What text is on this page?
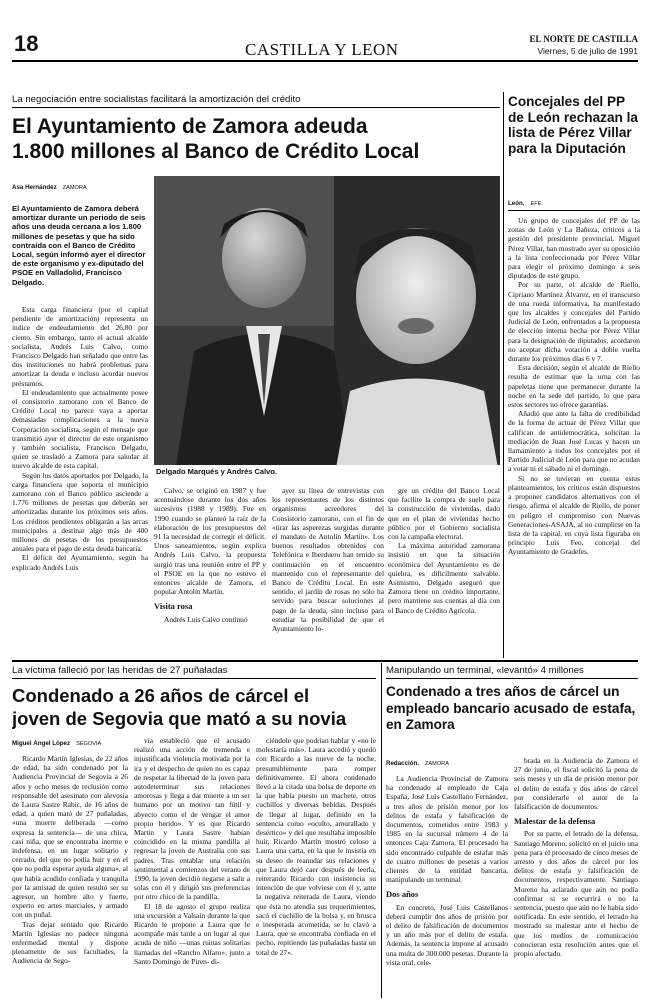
18	CASTILLA Y LEON
EL NORTE DE CASTILLA
Viernes, 5 de julio de 1991
La negociación entre socialistas facilitará la amortización del crédito
El Ayuntamiento de Zamora adeuda
1.800 millones al Banco de Crédito Local
Asa Hernández ZAMORA
El Ayuntamiento de Zamora deberá amortizar durante un periodo de seis años una deuda cercana a los 1.800 millones de pesetas y que ha sido contraída con el Banco de Crédito Local, según informó ayer el director de este organismo y ex-diputado del PSOE en Valladolid, Francisco Delgado.

Esta carga financiera (por el capital pendiente de amortización) representa un índice de endeudamiento del 26,80 por ciento. Sin embargo, tanto el actual alcalde socialista, Andrés Luis Calvo, como Francisco Delgado han señalado que entre las dos instituciones no habrá problemas para amortizar la deuda e incluso acordar nuevos préstamos.

El endeudamiento que actualmente posee el consistorio zamorano con el Banco de Crédito Local no parece vaya a aportar demasiadas complicaciones a la nueva Corporación socialista, según el mensaje que transmitió ayer el director de este organismo y también socialista, Francisco Delgado, quien se trasladó a Zamora para saludar al nuevo alcalde de esta capital.

Según los datos aportados por Delgado, la carga financiera que soporta el municipio zamorano con el Banco público asciende a 1.776 millones de pesetas que deberán ser amortizadas durante los próximos seis años. Los créditos pendientes obligarán a las arcas municipales a destinar algo más de 400 millones de pesetas de los presupuestos anuales para el pago de esta deuda bancaria.

El déficit del Ayuntamiento, según ha explicado Andrés Luis

Delgado Marqués y Andrés Calvo.

Calvo, se originó en 1987 y fue acentuándose durante los dos años sucesivos (1988 y 1989). Fue en 1990 cuando se planteó la raíz de la elaboración de los presupuestos del 91 la necesidad de corregir el déficit. Unos saneamientos, según explica Andrés Luis Calvo, la propuesta surgió tras una reunión entre el PP y el PSOE en la que no estuvo el entonces alcalde de Zamora, el popular Antolín Martín.

Visita rosa

Andrés Luis Calvo continuó

ayer su línea de entrevistas con los representantes de los distintos organismos acreedores del Consistorio zamorano, con el fin de «tirar las asperezas surgidas durante el mandato de Antolín Martín». Los buenos resultados obtenidos con Telefónica e Iberduero han tenido su continuación en el encuentro mantenido con el representante del Banco de Crédito Local. En este sentido, el jardín de rosas no sólo ha servido para buscar soluciones al pago de la deuda, sino incluso para estudiar la posibilidad de que el Ayuntamiento lo-

gre un crédito del Banco Local que facilite la compra de suelo para la construcción de viviendas, dado que en el plan de viviendas hecho público por el Gobierno socialista con la campaña electoral.

La máxima autoridad zamorana insistió en que la situación económica del Ayuntamiento es de quiebra, es dificilmente salvable. Asimismo, Delgado aseguró que Zamora tiene un crédito importante, pero mantiene sus cuentas al día con el Banco de Crédito Agrícola.

Concejales del PP de León rechazan la lista de Pérez Villar para la Diputación
León. EFE

Un grupo de concejales del PP de las zonas de León y La Bañeza, críticos a la gestión del presidente provincial, Miguel Pérez Villar, han mostrado ayer su oposición a la lista confeccionada por Pérez Villar para elegir el próximo domingo a seis diputados de este grupo.

Por su parte, el alcalde de Riello, Cipriano Martínez Álvarez, en el transcurso de una rueda informativa, ha manifestado que los alcaldes y concejales del Partido Judicial de León, enfrentados a la propuesta de elección interna hecha por Pérez Villar para la designación de diputados, acordaron no aceptar dicha votación a doble vuelta durante los próximos días 6 y 7.

Esta decisión, según el alcalde de Riello resulta de estimar que la urna con las papeletas tiene que permanecer durante la noche en la sede del partido, lo que para estos sectores no ofrece garantías.

Añadió que ante la falta de credibilidad de la forma de actuar de Pérez Villar que califican de antidemocrática, solicitan la mediación de Juan José Lucas y hacen un llamamiento a todos los concejales por el Partido Judicial de León para que no acudan a votar ni el sábado ni el domingo.

Si no se tuvieran en cuenta estos planteamientos, los críticos están dispuestos a proponer candidatos alternativos con el riesgo, afirma el alcalde de Riello, de poner en peligro el compromiso con Nuevas Generaciones-ASAJA, al no cumplirse en la lista de la capital, en cuya lista figuraba en principio Luis Feo, concejal del Ayuntamiento de Gradefes.

La víctima falleció por las heridas de 27 puñaladas
Condenado a 26 años de cárcel el
joven de Segovia que mató a su novia
Miguel Ángel López SEGOVIA

Ricardo Martín Iglesias, de 22 años de edad, ha sido condenado por la Audiencia Provincial de Segovia a 26 años y ocho meses de reclusión como responsable del asesinato con alevosía de Laura Sastre Rabic, de 16 años de edad, a quien mató de 27 puñaladas, «una muerte deliberada —como expresa la sentencia— de una chica, casi niña, que se encontraba inerme e indefensa, en un lugar solitario y cerrado, del que no podía huir y en el que no podía esperar ayuda alguna», al que había acudido confiada y tranquila por la amistad de quien resultó ser su agresor, un hombre alto y fuerte, experto en artes marciales, y armado con un puñal.

Tras dejar sentado que Ricardo Martín Iglesias no padece ninguna enfermedad mental y dispone plenamente de sus facultades, la Audiencia de Sego-

via estableció que el acusado realizó una acción de tremenda e injustificada violencia motivada por la ira y el despecho de quien no es capaz de respetar la libertad de la joven para autodeterminar sus relaciones amorosas y llega a dar muerte a un ser humano por un motivo tan fútil y abyecto como el de vengar el amor propio herido». Y es que Ricardo Martín y Laura Sastre habían coincidido en la misma pandilla al regresar la joven de Australia con sus padres. Tras entablar una relación sentimental a comienzos del verano de 1990, la joven decidió negarse a salir a solas con él y dirigió sus preferencias por otro chico de la pandilla.

El 18 de agosto el grupo realiza una excursión a Valsaín durante la que Ricardo le propone a Laura que le acompañe más tarde a un lugar al que acuda de niño —unas ruinas solitarias llamadas del «Rancho Alfaro», junto a Santo Domingo de Piren- di-

ciéndole que podrían hablar y «no le molestaría más». Laura accedió y quedó con Ricardo a las nueve de la noche, presumiblemente para romper definitivamente. El ahora condenado llevó a la citada una bolsa de deporte en la que había puesto un machete, otros cuchillos y diversas bebidas. Después de llegar al lugar, definido en la sentencia como «oculto, amurallado y desértico» y del que resultaba imposible huir, Ricardo Martín mostró celoso a Laura una carta, en la que le insistía en su deseo de reanudar sus relaciones y que Laura dejó caer después de leerla, reiterando Ricardo con insistencia su intención de que volviese con él y, ante la negativa reiterada de Laura, viendo que ésta no atendía sus requerimientos, sacó el cuchillo de la bolsa y, en brusca e inesperada acometida, se lo clavó a Laura, que se encontraba confiada en el pecho, repitiendo las puñaladas hasta un total de 27».

Manipulando un terminal, «levantó» 4 millones
Condenado a tres años de cárcel un empleado bancario acusado de estafa, en Zamora
Redacción. ZAMORA

La Audiencia Provincial de Zamora ha condenado al empleado de Caja España, José Luis Castellano Fernández, a tres años de prisión menor por los delitos de estafa y falsificación de documentos, cometidos entre 1983 y 1985 en la sucursal número 4 de la entonces Caja Zamora. El procesado ha sido encontrado culpable de estafar más de cuatro millones de pesetas a varios clientes de la entidad bancaria, manipulando un terminal.

Dos años

En concreto, José Luis Castellanos deberá cumplir dos años de prisión por el delito de falsificación de documentos y un año más por el delito de estafa. Además, la sentencia impone al acusado una multa de 300.000 pesetas. Durante la vista oral, cele-

brada en la Audiencia de Zamora el 27 de junio, el fiscal solicitó la pena de seis meses y un día de prisión menor por el delito de estafa y dos años de cárcel por considerarle el autor de la falsificación de documentos.

Malestar de la defensa

Por su parte, el letrado de la defensa, Santiago Moreno, solicitó en el juicio una pena para el procesado de cinco meses de arresto y dos años de cárcel por los delitos de estafa y falsificación de documentos, respectivamente. Santiago Moreno ha aclarado que aún no podía confirmar si se recurrirá o no la sentencia, puesto que aún no le había sido notificada. En este sentido, el letrado ha mostrado su malestar ante el hecho de que los medios de comunicación conocieran esta resolución antes que el propio afectado.
